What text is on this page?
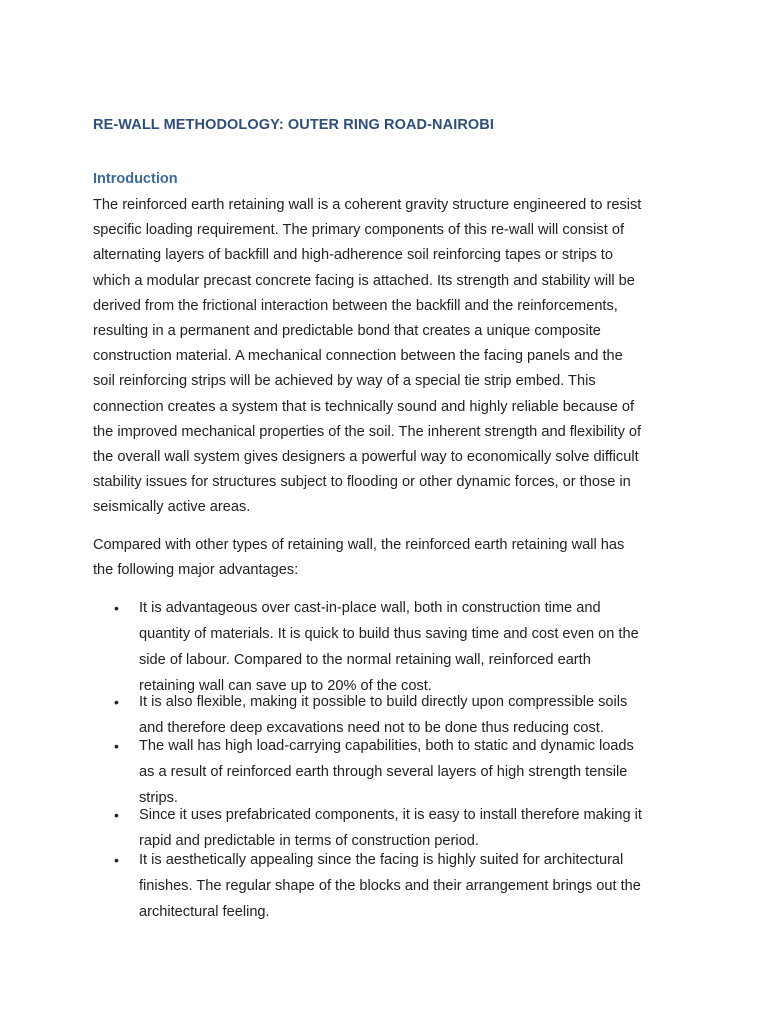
RE-WALL METHODOLOGY: OUTER RING ROAD-NAIROBI
Introduction
The reinforced earth retaining wall is a coherent gravity structure engineered to resist
specific loading requirement. The primary components of this re-wall will consist of
alternating layers of backfill and high-adherence soil reinforcing tapes or strips to
which a modular precast concrete facing is attached. Its strength and stability will be
derived from the frictional interaction between the backfill and the reinforcements,
resulting in a permanent and predictable bond that creates a unique composite
construction material. A mechanical connection between the facing panels and the
soil reinforcing strips will be achieved by way of a special tie strip embed. This
connection creates a system that is technically sound and highly reliable because of
the improved mechanical properties of the soil. The inherent strength and flexibility of
the overall wall system gives designers a powerful way to economically solve difficult
stability issues for structures subject to flooding or other dynamic forces, or those in
seismically active areas.
Compared with other types of retaining wall, the reinforced earth retaining wall has
the following major advantages:
• It is advantageous over cast-in-place wall, both in construction time and
quantity of materials. It is quick to build thus saving time and cost even on the
side of labour. Compared to the normal retaining wall, reinforced earth
retaining wall can save up to 20% of the cost.
• It is also flexible, making it possible to build directly upon compressible soils
and therefore deep excavations need not to be done thus reducing cost.
• The wall has high load-carrying capabilities, both to static and dynamic loads
as a result of reinforced earth through several layers of high strength tensile
strips.
• Since it uses prefabricated components, it is easy to install therefore making it
rapid and predictable in terms of construction period.
• It is aesthetically appealing since the facing is highly suited for architectural
finishes. The regular shape of the blocks and their arrangement brings out the
architectural feeling.
